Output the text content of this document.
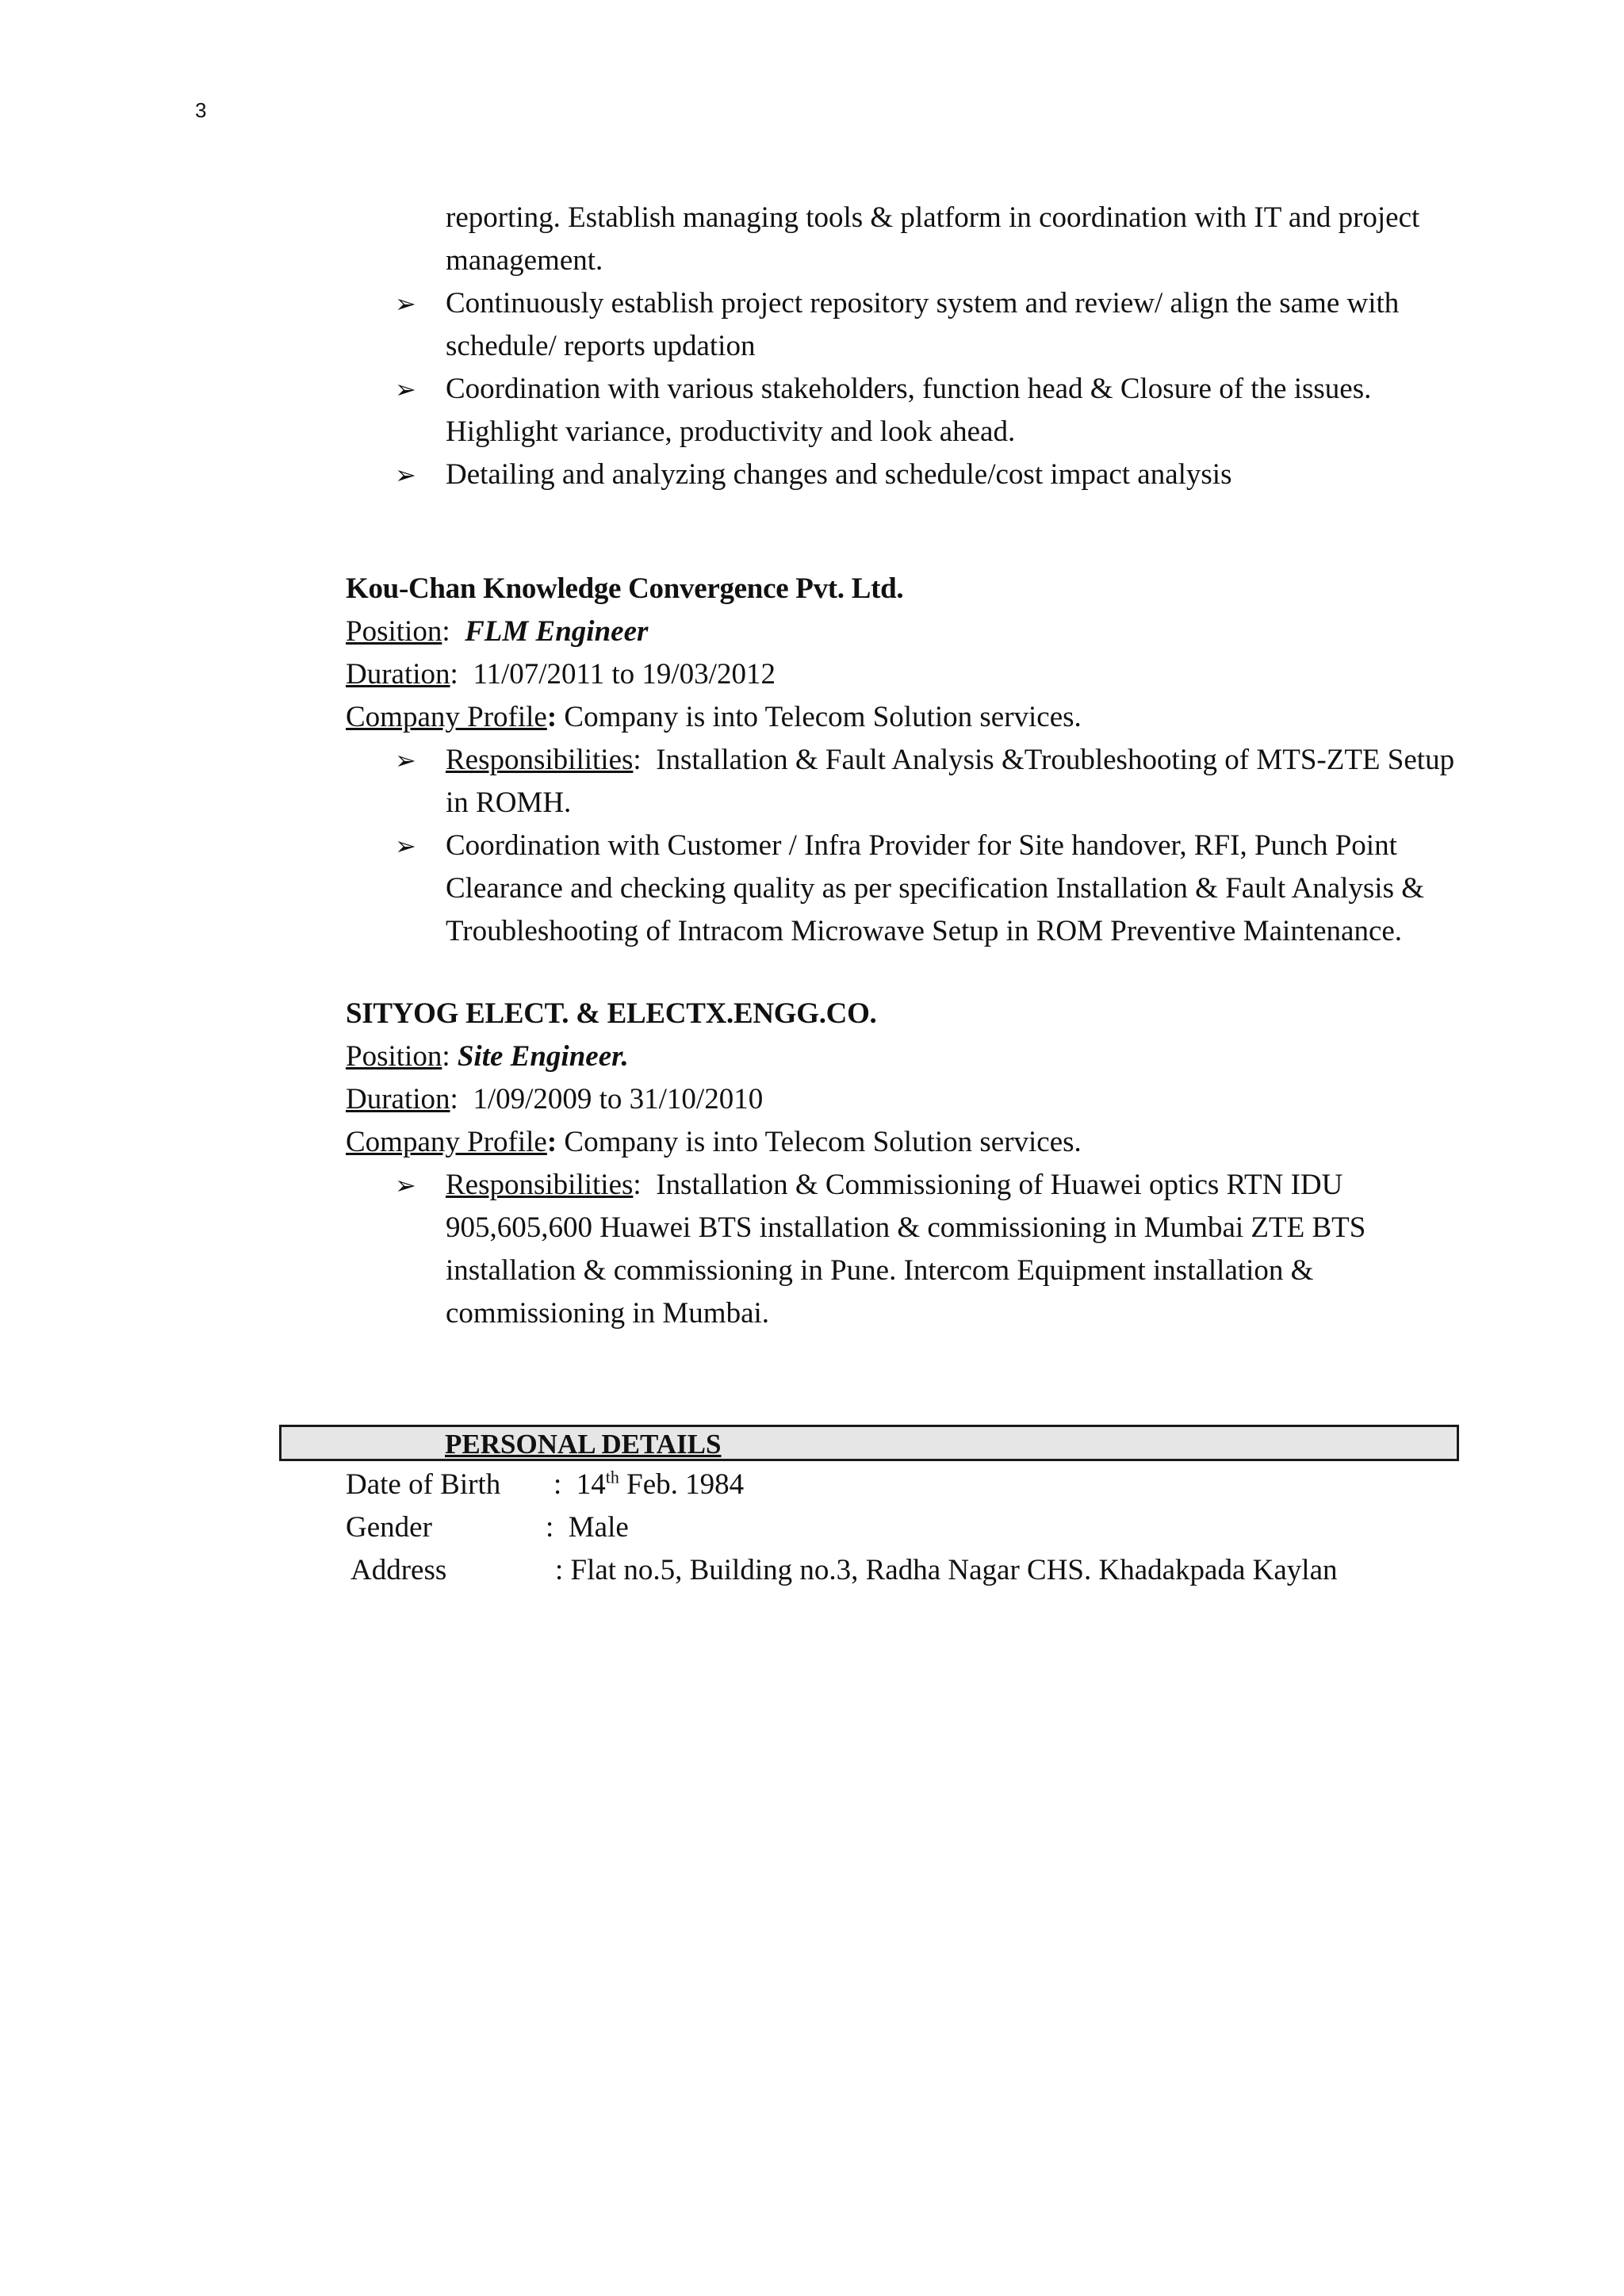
3
reporting. Establish managing tools & platform in coordination with IT and project management.
➢ Continuously establish project repository system and review/ align the same with schedule/ reports updation
➢ Coordination with various stakeholders, function head & Closure of the issues. Highlight variance, productivity and look ahead.
➢ Detailing and analyzing changes and schedule/cost impact analysis
Kou-Chan Knowledge Convergence Pvt. Ltd.
Position:  FLM Engineer
Duration:  11/07/2011 to 19/03/2012
Company Profile: Company is into Telecom Solution services.
➢ Responsibilities:  Installation & Fault Analysis &Troubleshooting of MTS-ZTE Setup in ROMH.
➢ Coordination with Customer / Infra Provider for Site handover, RFI, Punch Point Clearance and checking quality as per specification Installation & Fault Analysis & Troubleshooting of Intracom Microwave Setup in ROM Preventive Maintenance.
SITYOG ELECT. & ELECTX.ENGG.CO.
Position: Site Engineer.
Duration:  1/09/2009 to 31/10/2010
Company Profile: Company is into Telecom Solution services.
➢ Responsibilities:  Installation & Commissioning of Huawei optics RTN IDU 905,605,600 Huawei BTS installation & commissioning in Mumbai ZTE BTS installation & commissioning in Pune. Intercom Equipment installation & commissioning in Mumbai.
PERSONAL DETAILS
Date of Birth :  14th Feb. 1984
Gender	:  Male
Address	: Flat no.5, Building no.3, Radha Nagar CHS. Khadakpada Kaylan
